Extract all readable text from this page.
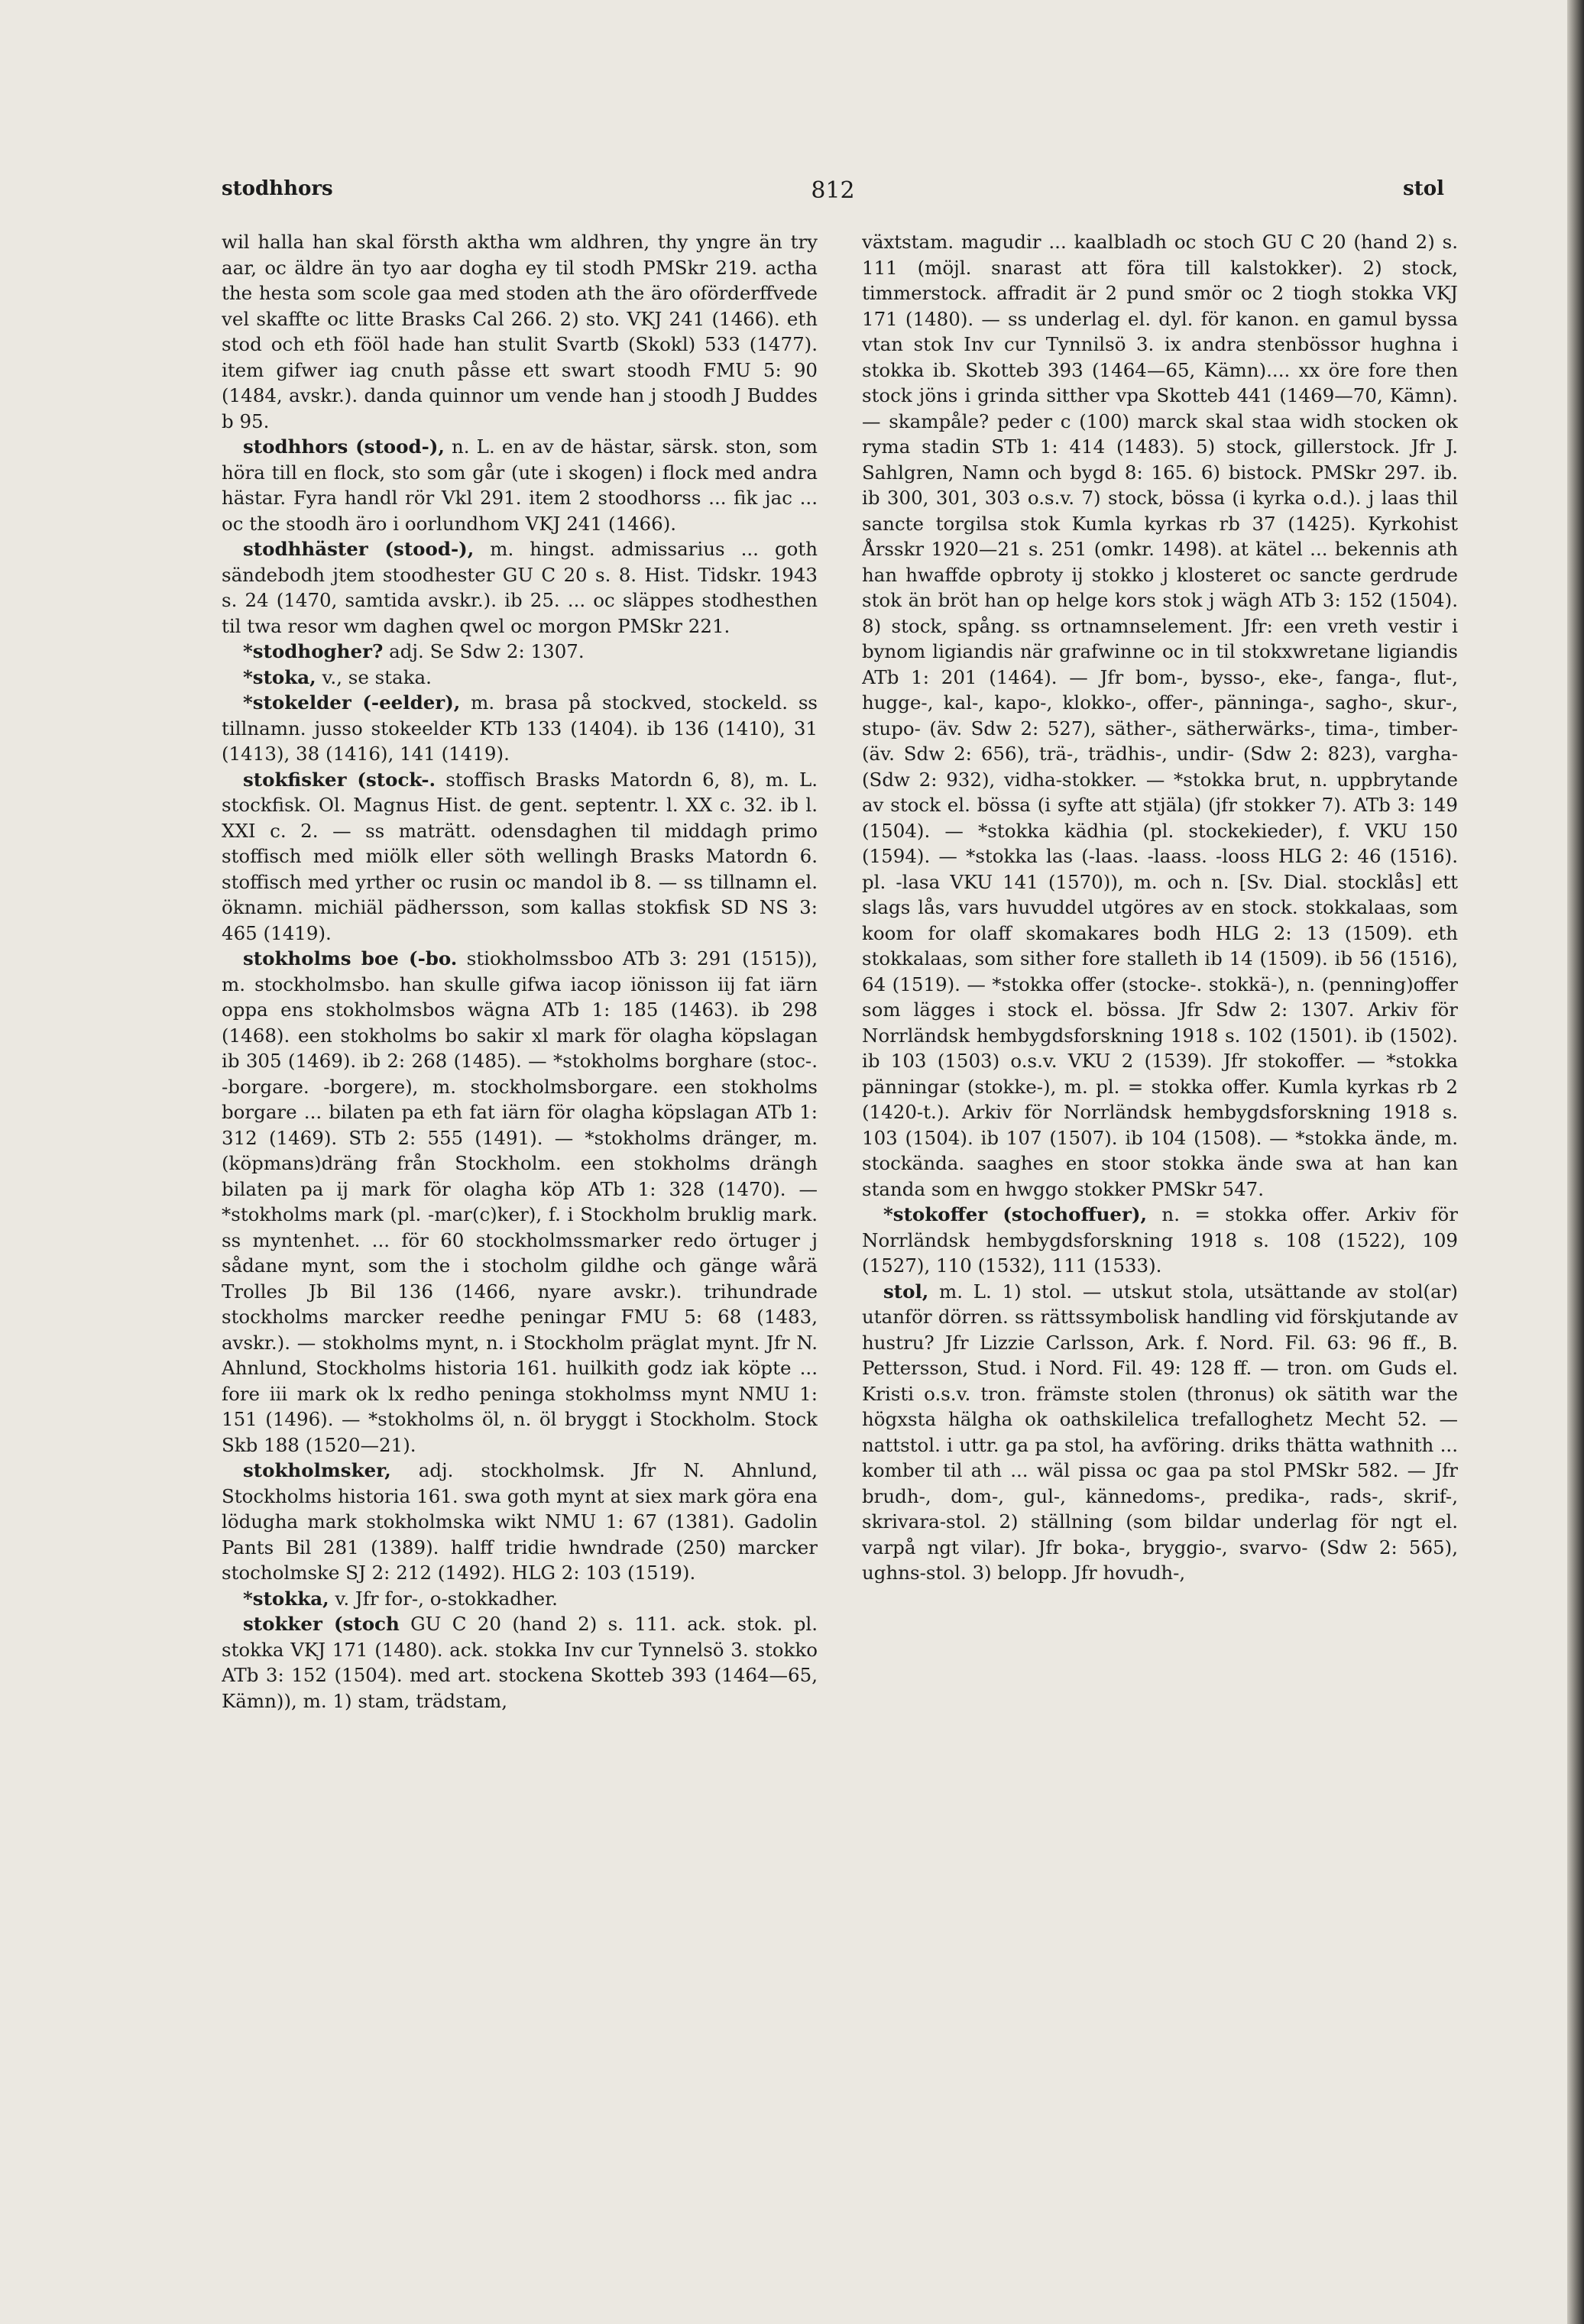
stodhhors	812	stol

wil halla han skal försth aktha wm aldhren, thy yngre än try aar, oc äldre än tyo aar dogha ey til stodh PMSkr 219. actha the hesta som scole gaa med stoden ath the äro oförderffvede vel skaffte oc litte Brasks Cal 266. 2) sto. VKJ 241 (1466). eth stod och eth fööl hade han stulit Svartb (Skokl) 533 (1477). item gifwer iag cnuth påsse ett swart stoodh FMU 5: 90 (1484, avskr.). danda quinnor um vende han j stoodh J Buddes b 95.

stodhhors (stood-), n. L. en av de hästar, särsk. ston, som höra till en flock, sto som går (ute i skogen) i flock med andra hästar. Fyra handl rör Vkl 291. item 2 stoodhorss ... fik jac ... oc the stoodh äro i oorlundhom VKJ 241 (1466).

stodhhäster (stood-), m. hingst. admissarius ... goth sändebodh jtem stoodhester GU C 20 s. 8. Hist. Tidskr. 1943 s. 24 (1470, samtida avskr.). ib 25. ... oc släppes stodhesthen til twa resor wm daghen qwel oc morgon PMSkr 221.

*stodhogher? adj. Se Sdw 2: 1307.

*stoka, v., se staka.

*stokelder (-eelder), m. brasa på stockved, stockeld. ss tillnamn. jusso stokeelder KTb 133 (1404). ib 136 (1410), 31 (1413), 38 (1416), 141 (1419).

stokfisker (stock-. stoffisch Brasks Matordn 6, 8), m. L. stockfisk. Ol. Magnus Hist. de gent. septentr. l. XX c. 32. ib l. XXI c. 2. — ss maträtt. odensdaghen til middagh primo stoffisch med miölk eller söth wellingh Brasks Matordn 6. stoffisch med yrther oc rusin oc mandol ib 8. — ss tillnamn el. öknamn. michiäl pädhersson, som kallas stokfisk SD NS 3: 465 (1419).

stokholms boe (-bo. stiokholmssboo ATb 3: 291 (1515)), m. stockholmsbo. han skulle gifwa iacop iönisson iij fat iärn oppa ens stokholmsbos wägna ATb 1: 185 (1463). ib 298 (1468). een stokholms bo sakir xl mark för olagha köpslagan ib 305 (1469). ib 2: 268 (1485). — *stokholms borghare (stoc-. -borgare. -borgere), m. stockholmsborgare. een stokholms borgare ... bilaten pa eth fat iärn för olagha köpslagan ATb 1: 312 (1469). STb 2: 555 (1491). — *stokholms dränger, m. (köpmans)dräng från Stockholm. een stokholms drängh bilaten pa ij mark för olagha köp ATb 1: 328 (1470). — *stokholms mark (pl. -mar(c)ker), f. i Stockholm bruklig mark. ss myntenhet. ... för 60 stockholmssmarker redo örtuger j sådane mynt, som the i stocholm gildhe och gänge wårä Trolles Jb Bil 136 (1466, nyare avskr.). trihundrade stockholms marcker reedhe peningar FMU 5: 68 (1483, avskr.). — stokholms mynt, n. i Stockholm präglat mynt. Jfr N. Ahnlund, Stockholms historia 161. huilkith godz iak köpte ... fore iii mark ok lx redho peninga stokholmss mynt NMU 1: 151 (1496). — *stokholms öl, n. öl bryggt i Stockholm. Stock Skb 188 (1520—21).

stokholmsker, adj. stockholmsk. Jfr N. Ahnlund, Stockholms historia 161. swa goth mynt at siex mark göra ena lödugha mark stokholmska wikt NMU 1: 67 (1381). Gadolin Pants Bil 281 (1389). halff tridie hwndrade (250) marcker stocholmske SJ 2: 212 (1492). HLG 2: 103 (1519).

*stokka, v. Jfr for-, o-stokkadher.

stokker (stoch GU C 20 (hand 2) s. 111. ack. stok. pl. stokka VKJ 171 (1480). ack. stokka Inv cur Tynnelsö 3. stokko ATb 3: 152 (1504). med art. stockena Skotteb 393 (1464—65, Kämn)), m. 1) stam, trädstam,

växtstam. magudir ... kaalbladh oc stoch GU C 20 (hand 2) s. 111 (möjl. snarast att föra till kalstokker). 2) stock, timmerstock. affradit är 2 pund smör oc 2 tiogh stokka VKJ 171 (1480). — ss underlag el. dyl. för kanon. en gamul byssa vtan stok Inv cur Tynnilsö 3. ix andra stenbössor hughna i stokka ib. Skotteb 393 (1464—65, Kämn).... xx öre fore then stock jöns i grinda sitther vpa Skotteb 441 (1469—70, Kämn). — skampåle? peder c (100) marck skal staa widh stocken ok ryma stadin STb 1: 414 (1483). 5) stock, gillerstock. Jfr J. Sahlgren, Namn och bygd 8: 165. 6) bistock. PMSkr 297. ib. ib 300, 301, 303 o.s.v. 7) stock, bössa (i kyrka o.d.). j laas thil sancte torgilsa stok Kumla kyrkas rb 37 (1425). Kyrkohist Årsskr 1920—21 s. 251 (omkr. 1498). at kätel ... bekennis ath han hwaffde opbroty ij stokko j klosteret oc sancte gerdrude stok än bröt han op helge kors stok j wägh ATb 3: 152 (1504). 8) stock, spång. ss ortnamnselement. Jfr: een vreth vestir i bynom ligiandis när grafwinne oc in til stokxwretane ligiandis ATb 1: 201 (1464). — Jfr bom-, bysso-, eke-, fanga-, flut-, hugge-, kal-, kapo-, klokko-, offer-, pänninga-, sagho-, skur-, stupo- (äv. Sdw 2: 527), säther-, sätherwärks-, tima-, timber- (äv. Sdw 2: 656), trä-, trädhis-, undir- (Sdw 2: 823), vargha- (Sdw 2: 932), vidha-stokker. — *stokka brut, n. uppbrytande av stock el. bössa (i syfte att stjäla) (jfr stokker 7). ATb 3: 149 (1504). — *stokka kädhia (pl. stockekieder), f. VKU 150 (1594). — *stokka las (-laas. -laass. -looss HLG 2: 46 (1516). pl. -lasa VKU 141 (1570)), m. och n. [Sv. Dial. stocklås] ett slags lås, vars huvuddel utgöres av en stock. stokkalaas, som koom for olaff skomakares bodh HLG 2: 13 (1509). eth stokkalaas, som sither fore stalleth ib 14 (1509). ib 56 (1516), 64 (1519). — *stokka offer (stocke-. stokkä-), n. (penning)offer som lägges i stock el. bössa. Jfr Sdw 2: 1307. Arkiv för Norrländsk hembygdsforskning 1918 s. 102 (1501). ib (1502). ib 103 (1503) o.s.v. VKU 2 (1539). Jfr stokoffer. — *stokka pänningar (stokke-), m. pl. = stokka offer. Kumla kyrkas rb 2 (1420-t.). Arkiv för Norrländsk hembygdsforskning 1918 s. 103 (1504). ib 107 (1507). ib 104 (1508). — *stokka ände, m. stockända. saaghes en stoor stokka ände swa at han kan standa som en hwggo stokker PMSkr 547.

*stokoffer (stochoffuer), n. = stokka offer. Arkiv för Norrländsk hembygdsforskning 1918 s. 108 (1522), 109 (1527), 110 (1532), 111 (1533).

stol, m. L. 1) stol. — utskut stola, utsättande av stol(ar) utanför dörren. ss rättssymbolisk handling vid förskjutande av hustru? Jfr Lizzie Carlsson, Ark. f. Nord. Fil. 63: 96 ff., B. Pettersson, Stud. i Nord. Fil. 49: 128 ff. — tron. om Guds el. Kristi o.s.v. tron. främste stolen (thronus) ok sätith war the högxsta hälgha ok oathskilelica trefalloghetz Mecht 52. — nattstol. i uttr. ga pa stol, ha avföring. driks thätta wathnith ... komber til ath ... wäl pissa oc gaa pa stol PMSkr 582. — Jfr brudh-, dom-, gul-, kännedoms-, predika-, rads-, skrif-, skrivara-stol. 2) ställning (som bildar underlag för ngt el. varpå ngt vilar). Jfr boka-, bryggio-, svarvo- (Sdw 2: 565), ughns-stol. 3) belopp. Jfr hovudh-,
